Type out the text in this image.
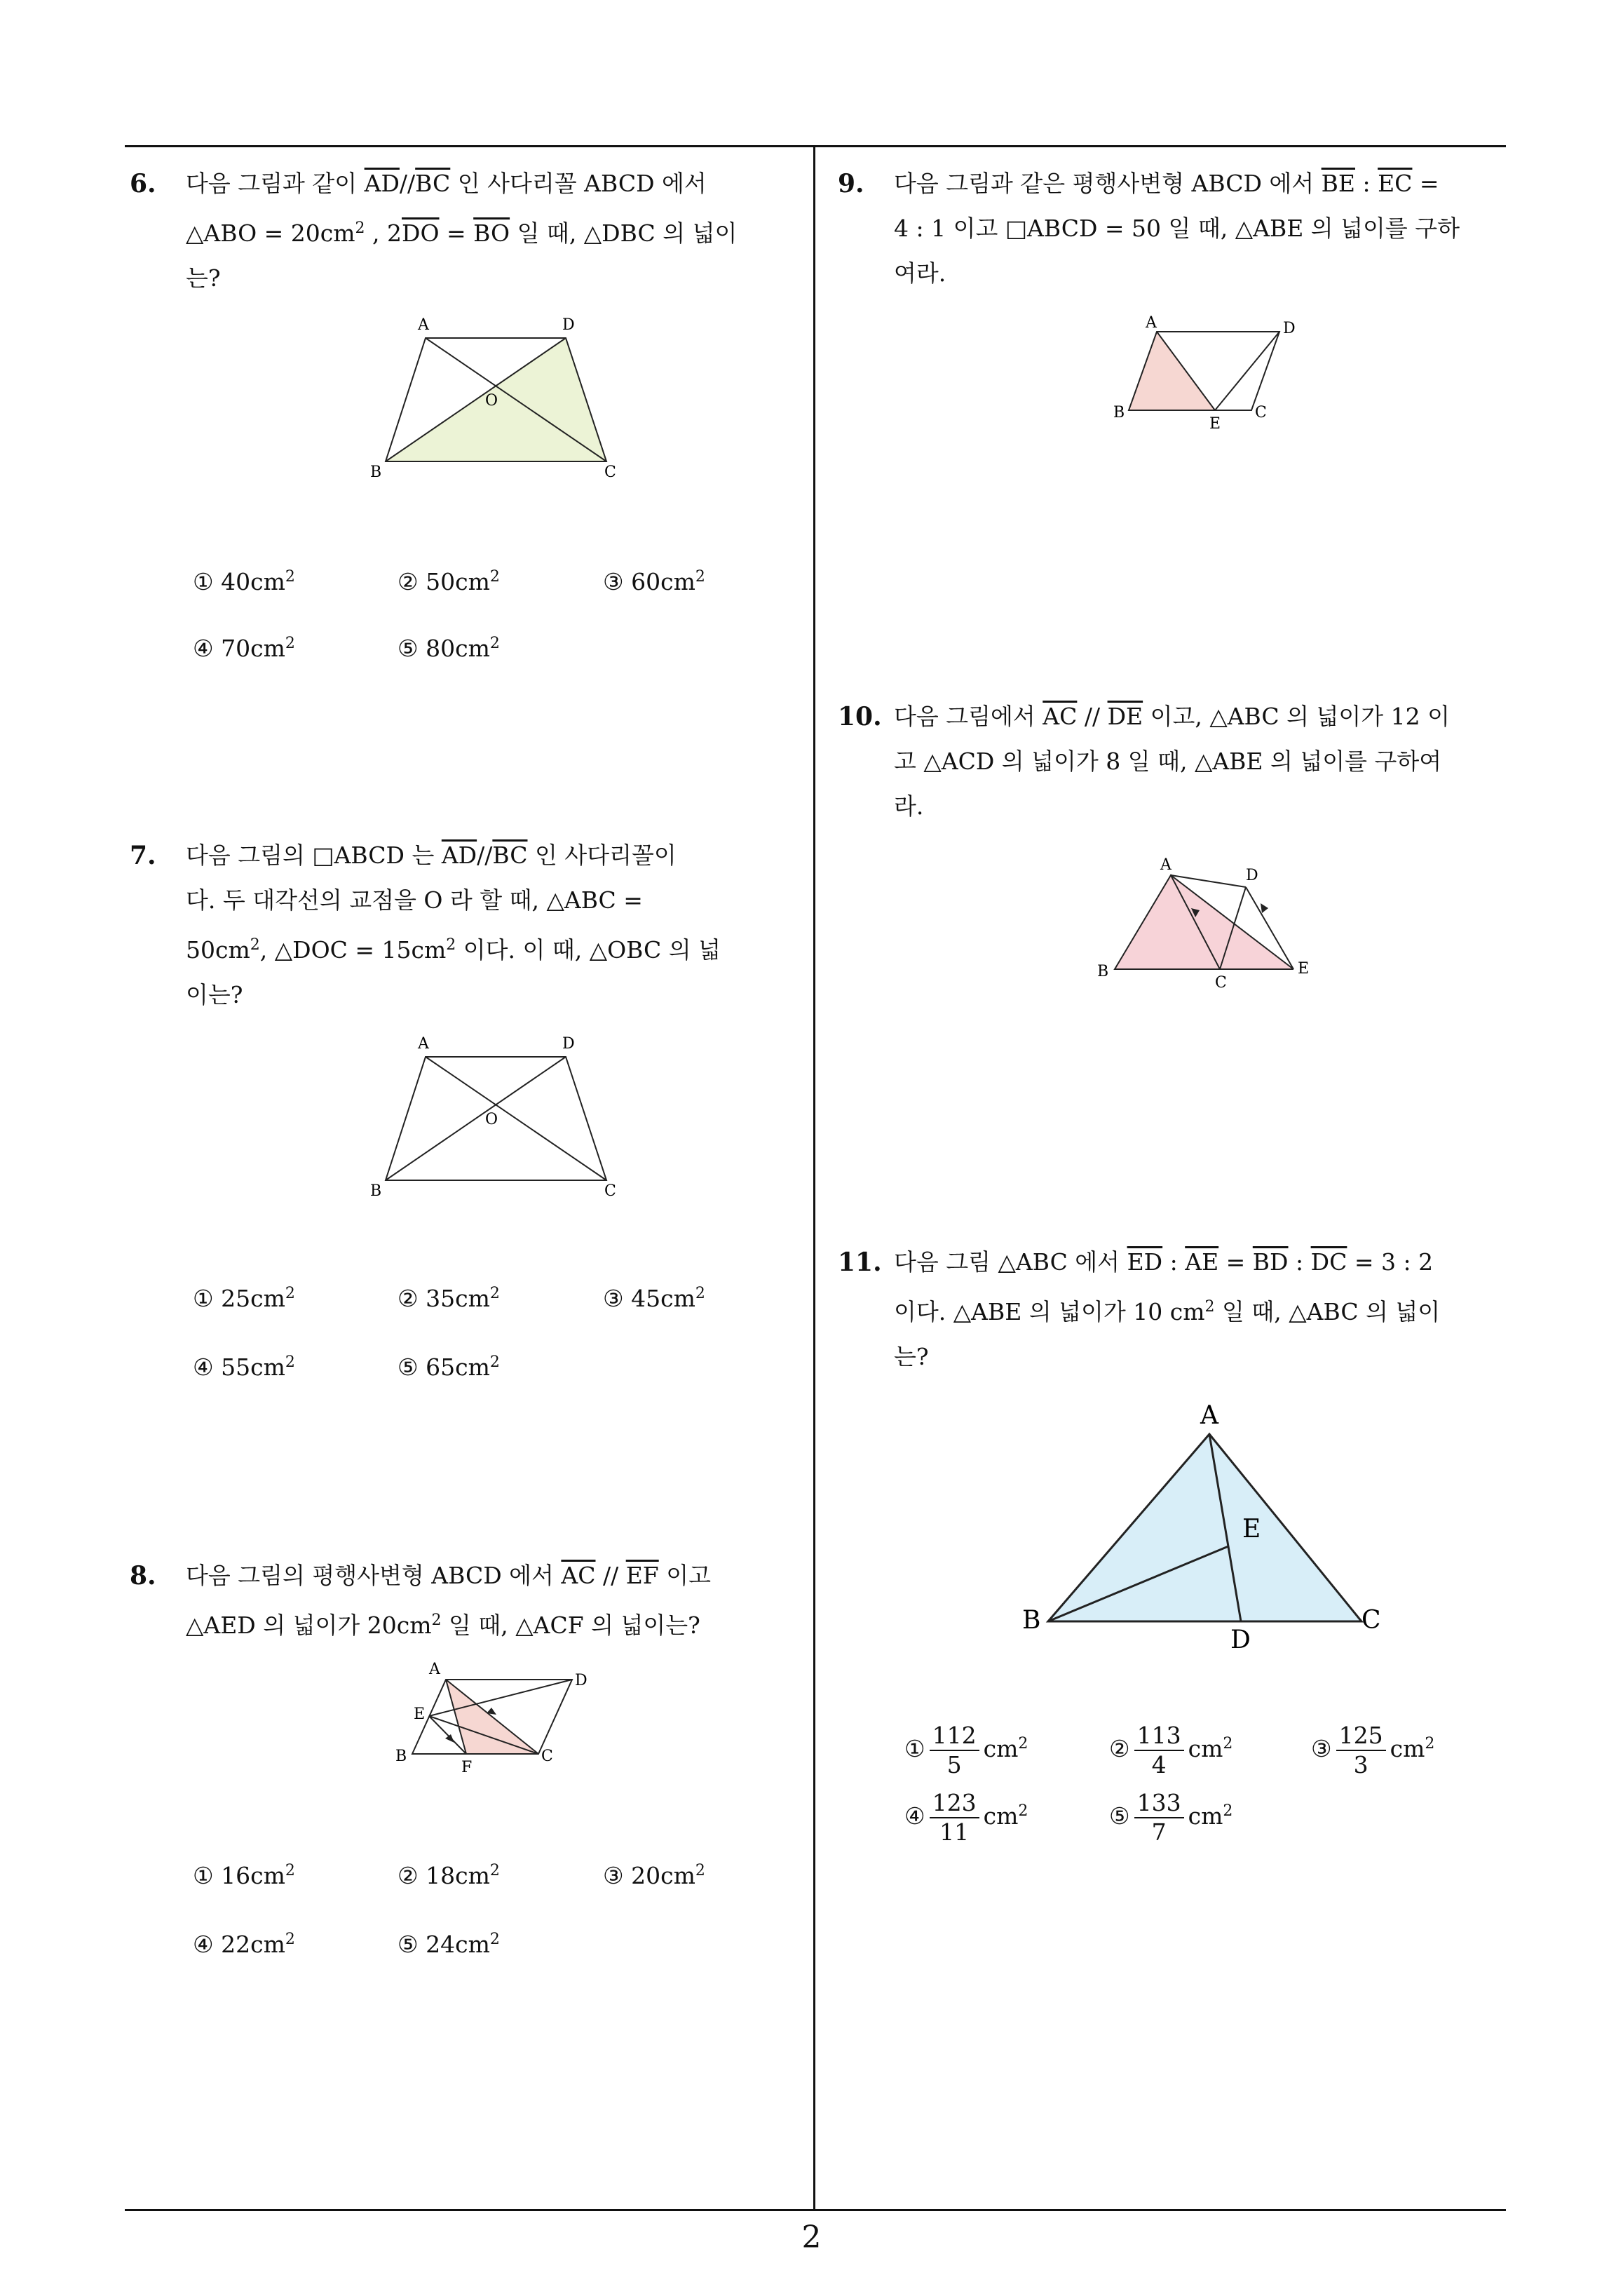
6. 다음 그림과 같이 $\overline{AD}//\overline{BC}$ 인 사다리꼴 ABCD 에서
△ABO = $20cm^2$ , $2\overline{DO} = \overline{BO}$ 일 때, △DBC 의 넓이
는?
A	D
O
B	C
① $40cm^2$	② $50cm^2$	③ $60cm^2$
④ $70cm^2$	⑤ $80cm^2$
7. 다음 그림의 □ABCD 는 $\overline{AD}//\overline{BC}$ 인 사다리꼴이
다. 두 대각선의 교점을 O 라 할 때, △ABC =
$50cm^2$, △DOC = $15cm^2$ 이다. 이 때, △OBC 의 넓
이는?
A	D
O
B	C
① $25cm^2$	② $35cm^2$	③ $45cm^2$
④ $55cm^2$	⑤ $65cm^2$
8. 다음 그림의 평행사변형 ABCD 에서 $\overline{AC} // \overline{EF}$ 이고
△AED 의 넓이가 $20cm^2$ 일 때, △ACF 의 넓이는?
A
D
E
B
F
C
① $16cm^2$	② $18cm^2$	③ $20cm^2$
④ $22cm^2$	⑤ $24cm^2$
9. 다음 그림과 같은 평행사변형 ABCD 에서 $\overline{BE}$ : $\overline{EC}$ =
4 : 1 이고 □ABCD = 50 일 때, △ABE 의 넓이를 구하
여라.
A	D
B
E
C
10. 다음 그림에서 $\overline{AC} // \overline{DE}$ 이고, △ABC 의 넓이가 12 이
고 △ACD 의 넓이가 8 일 때, △ABE 의 넓이를 구하여
라.
A
D
B
C
E
11. 다음 그림 △ABC 에서 $\overline{ED}$ : $\overline{AE} = \overline{BD}$ : $\overline{DC} = 3$ : 2
이다. △ABE 의 넓이가 10 $cm^2$ 일 때, △ABC 의 넓이
는?
A
E
B
D
C
① $\frac{112}{5} cm^2$	② $\frac{113}{4} cm^2$	③ $\frac{125}{3} cm^2$
④ $\frac{123}{11} cm^2$	⑤ $\frac{133}{7} cm^2$
2
